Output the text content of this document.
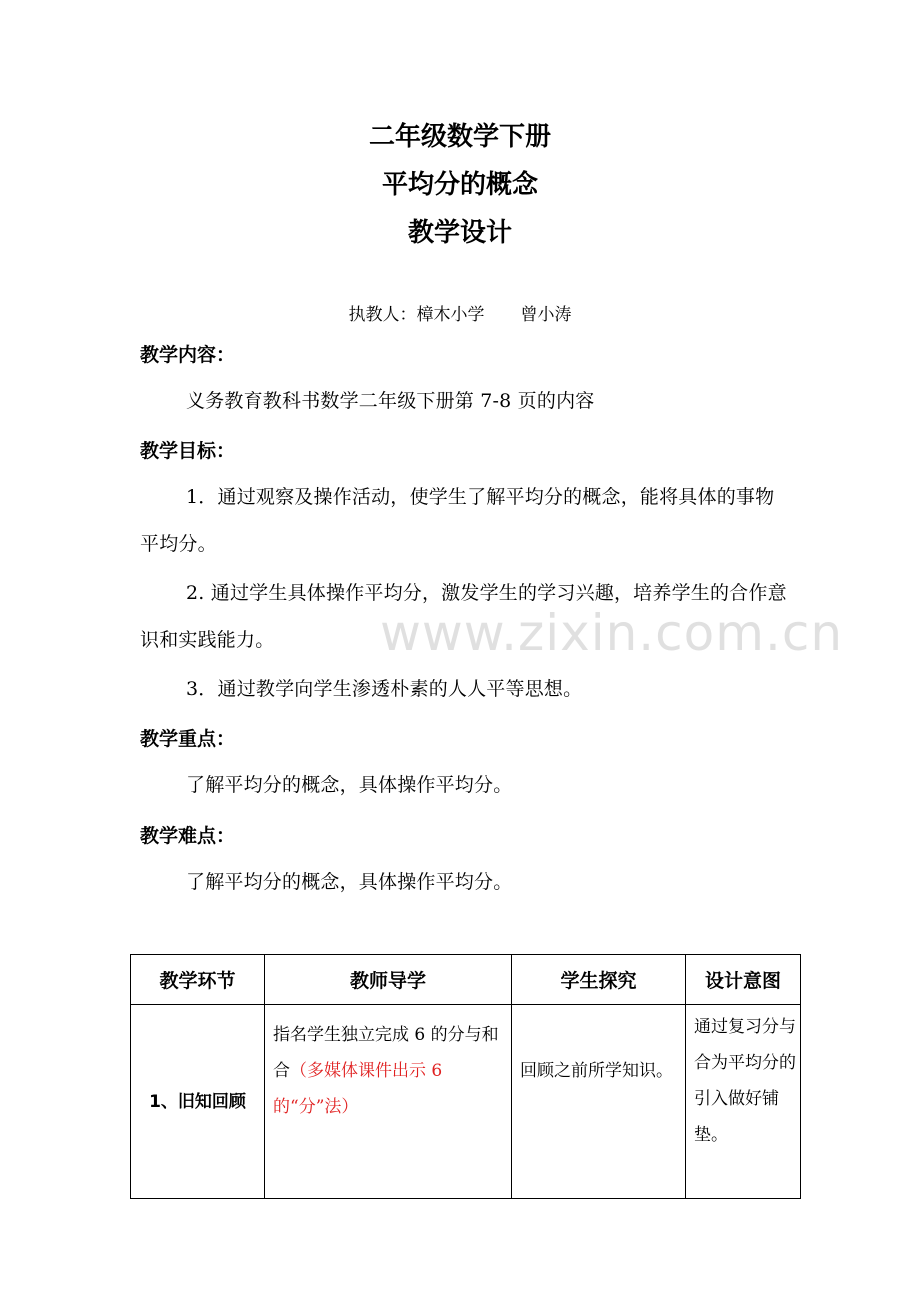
二年级数学下册
平均分的概念
教学设计
执教人：樟木小学 曾小涛
教学内容：
义务教育教科书数学二年级下册第 7-8 页的内容
教学目标：
1．通过观察及操作活动，使学生了解平均分的概念，能将具体的事物平均分。
2. 通过学生具体操作平均分，激发学生的学习兴趣，培养学生的合作意识和实践能力。
3．通过教学向学生渗透朴素的人人平等思想。
教学重点：
了解平均分的概念，具体操作平均分。
教学难点：
了解平均分的概念，具体操作平均分。
www.zixin.com.cn
教学环节	教师导学	学生探究	设计意图
1、旧知回顾	指名学生独立完成 6 的分与和合（多媒体课件出示 6 的“分”法）	回顾之前所学知识。	通过复习分与合为平均分的引入做好铺垫。
